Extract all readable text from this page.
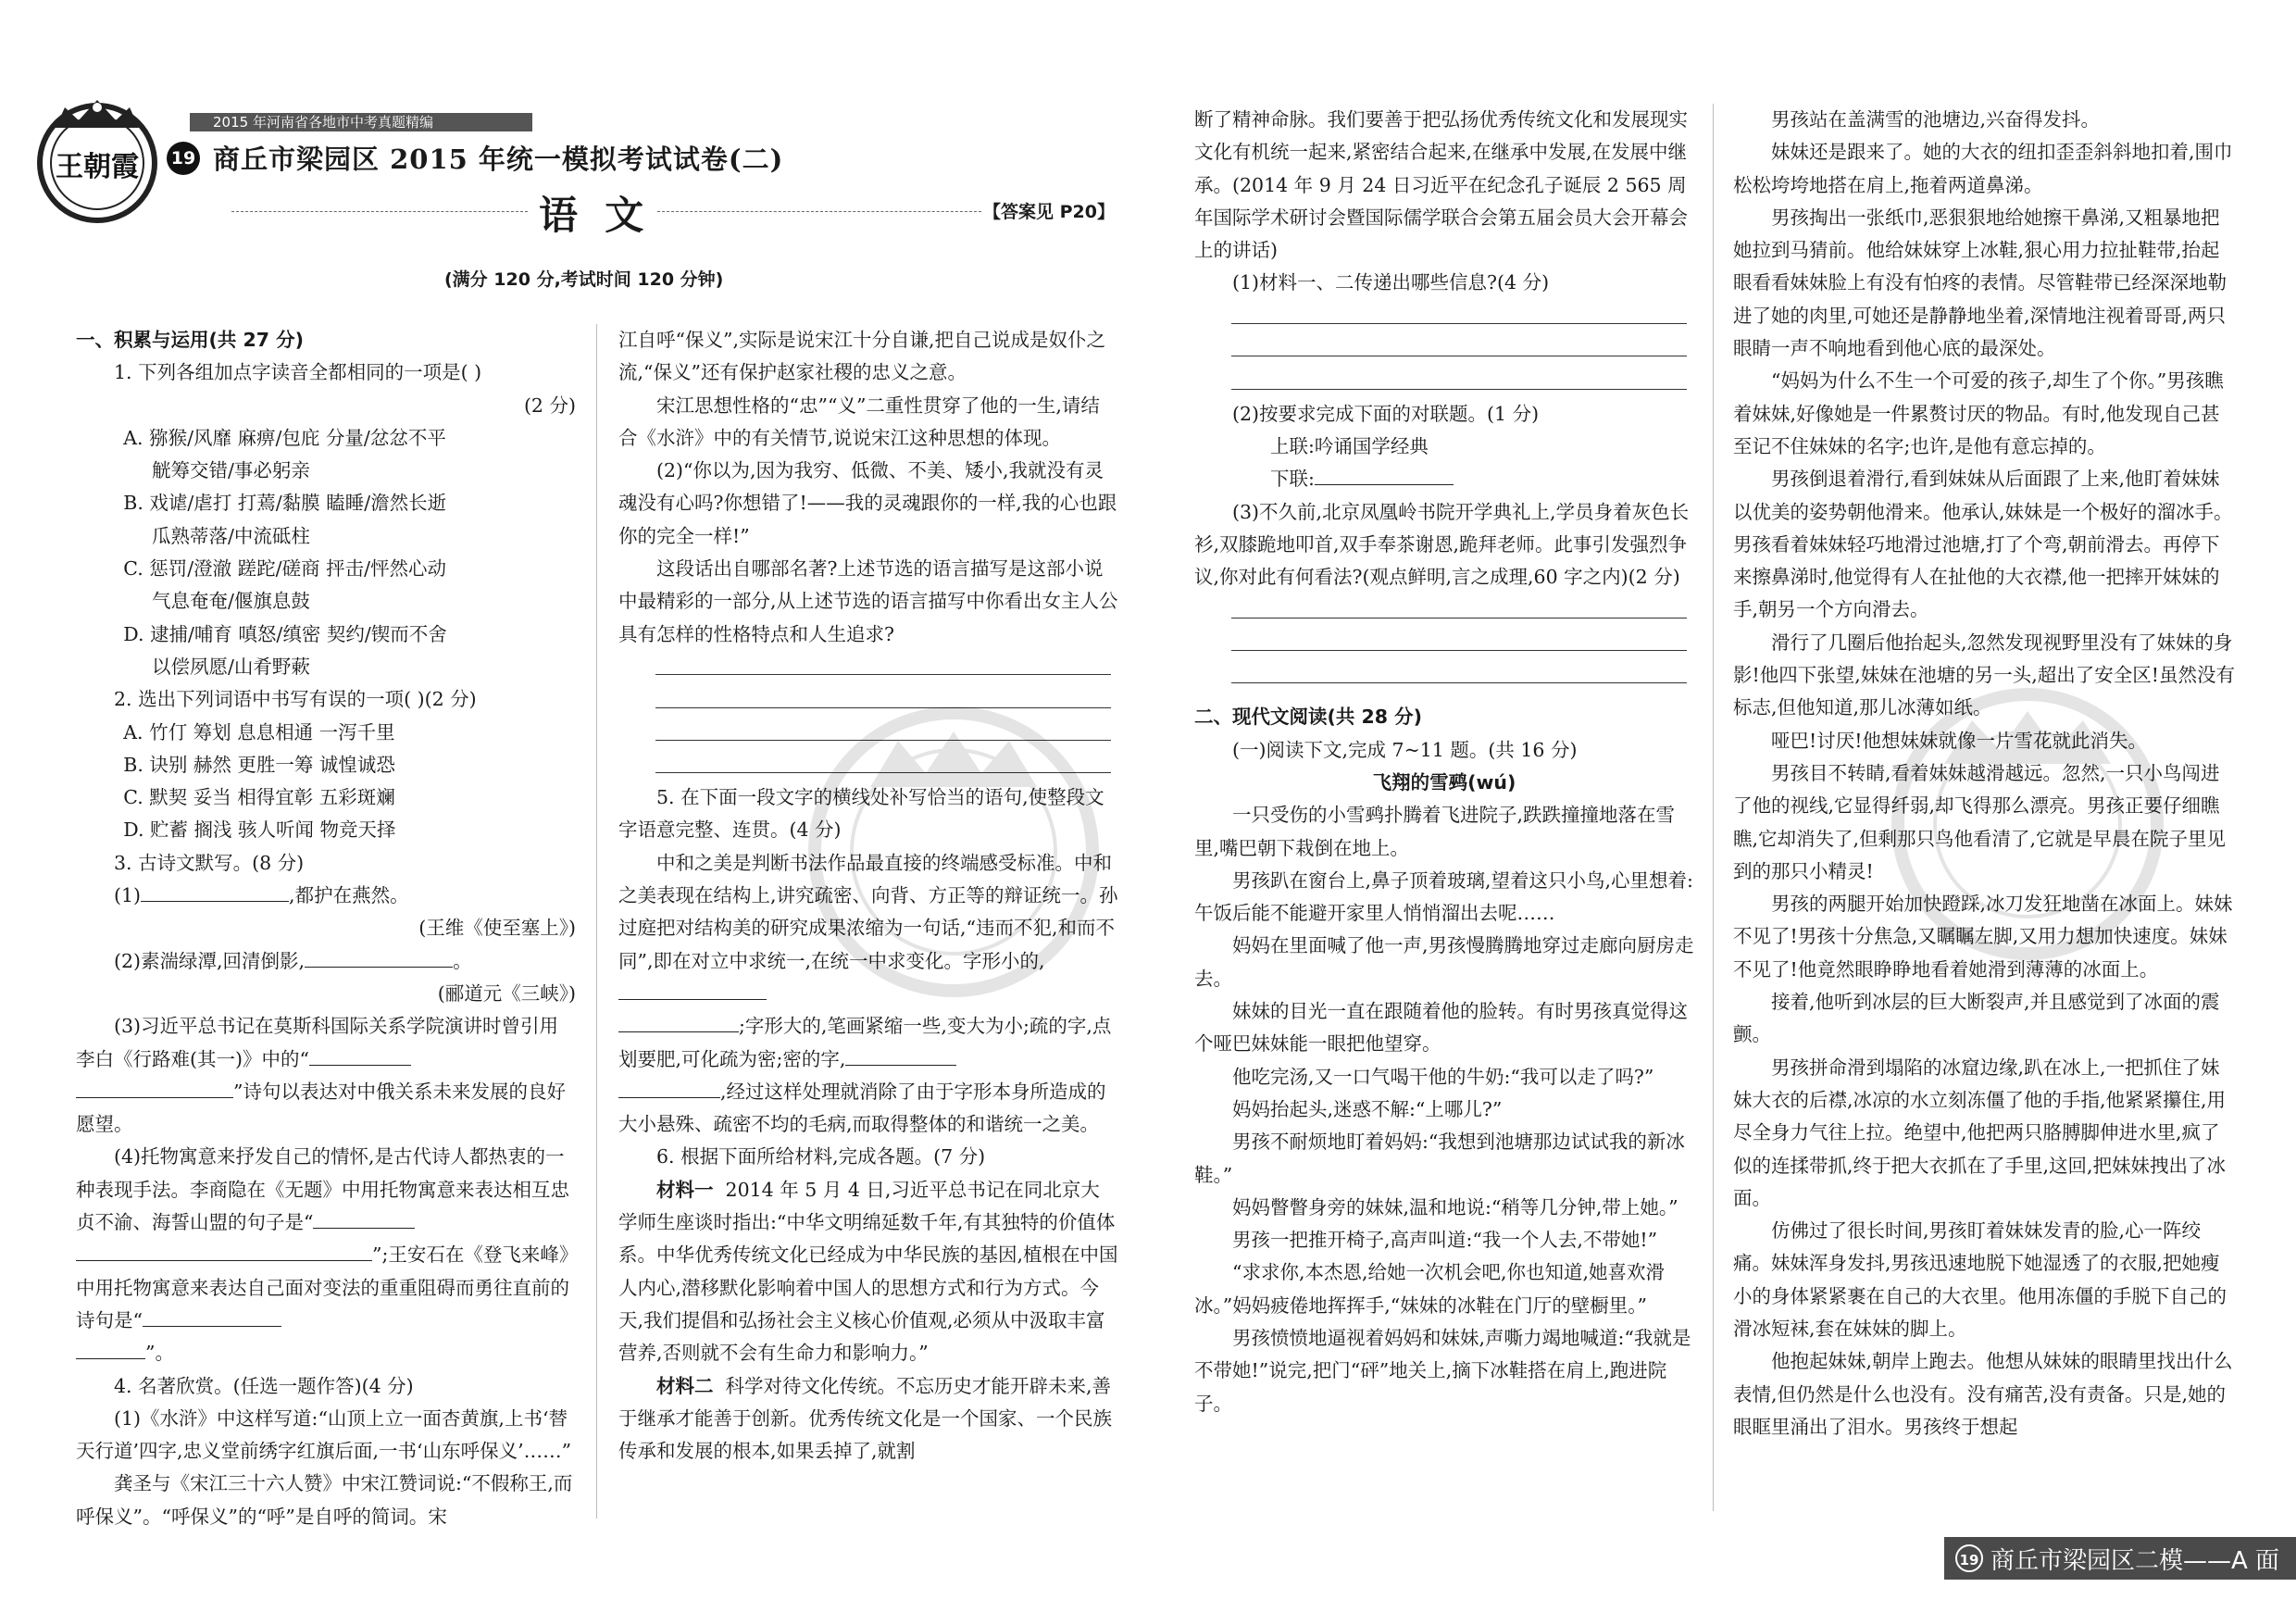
王朝霞
2015 年河南省各地市中考真题精编
19 商丘市梁园区 2015 年统一模拟考试试卷(二)
语  文	【答案见 P20】
(满分 120 分,考试时间 120 分钟)

一、积累与运用(共 27 分)

1. 下列各组加点字读音全都相同的一项是( )

(2 分)

A. 猕猴/风靡 麻痹/包庇 分量/忿忿不平

觥筹交错/事必躬亲

B. 戏谑/虐打 打蔫/黏膜 瞌睡/澹然长逝

瓜熟蒂落/中流砥柱

C. 惩罚/澄澈 蹉跎/磋商 抨击/怦然心动

气息奄奄/偃旗息鼓

D. 逮捕/哺育 嗔怒/缜密 契约/锲而不舍

以偿夙愿/山肴野蔌

2. 选出下列词语中书写有误的一项( )(2 分)

A. 竹仃 筹划 息息相通 一泻千里

B. 诀别 赫然 更胜一筹 诚惶诚恐

C. 默契 妥当 相得宜彰 五彩斑斓

D. 贮蓄 搁浅 骇人听闻 物竞天择

3. 古诗文默写。(8 分)

(1)	,都护在燕然。

(王维《使至塞上》)

(2)素湍绿潭,回清倒影,	。

(郦道元《三峡》)

(3)习近平总书记在莫斯科国际关系学院演讲时曾引用李白《行路难(其一)》中的“
”诗句以表达对中俄关系未来发展的良好愿望。

(4)托物寓意来抒发自己的情怀,是古代诗人都热衷的一种表现手法。李商隐在《无题》中用托物寓意来表达相互忠贞不渝、海誓山盟的句子是“
”;王安石在《登飞来峰》中用托物寓意来表达自己面对变法的重重阻碍而勇往直前的诗句是“
”。

4. 名著欣赏。(任选一题作答)(4 分)

(1)《水浒》中这样写道:“山顶上立一面杏黄旗,上书‘替天行道’四字,忠义堂前绣字红旗后面,一书‘山东呼保义’……”

龚圣与《宋江三十六人赞》中宋江赞词说:“不假称王,而呼保义”。“呼保义”的“呼”是自呼的简词。宋

江自呼“保义”,实际是说宋江十分自谦,把自己说成是奴仆之流,“保义”还有保护赵家社稷的忠义之意。

宋江思想性格的“忠”“义”二重性贯穿了他的一生,请结合《水浒》中的有关情节,说说宋江这种思想的体现。

(2)“你以为,因为我穷、低微、不美、矮小,我就没有灵魂没有心吗?你想错了!——我的灵魂跟你的一样,我的心也跟你的完全一样!”

这段话出自哪部名著?上述节选的语言描写是这部小说中最精彩的一部分,从上述节选的语言描写中你看出女主人公具有怎样的性格特点和人生追求?

5. 在下面一段文字的横线处补写恰当的语句,使整段文字语意完整、连贯。(4 分)

中和之美是判断书法作品最直接的终端感受标准。中和之美表现在结构上,讲究疏密、向背、方正等的辩证统一。孙过庭把对结构美的研究成果浓缩为一句话,“违而不犯,和而不同”,即在对立中求统一,在统一中求变化。字形小的,
;字形大的,笔画紧缩一些,变大为小;疏的字,点划要肥,可化疏为密;密的字,
,经过这样处理就消除了由于字形本身所造成的大小悬殊、疏密不均的毛病,而取得整体的和谐统一之美。

6. 根据下面所给材料,完成各题。(7 分)

材料一 2014 年 5 月 4 日,习近平总书记在同北京大学师生座谈时指出:“中华文明绵延数千年,有其独特的价值体系。中华优秀传统文化已经成为中华民族的基因,植根在中国人内心,潜移默化影响着中国人的思想方式和行为方式。今天,我们提倡和弘扬社会主义核心价值观,必须从中汲取丰富营养,否则就不会有生命力和影响力。”

材料二 科学对待文化传统。不忘历史才能开辟未来,善于继承才能善于创新。优秀传统文化是一个国家、一个民族传承和发展的根本,如果丢掉了,就割

断了精神命脉。我们要善于把弘扬优秀传统文化和发展现实文化有机统一起来,紧密结合起来,在继承中发展,在发展中继承。(2014 年 9 月 24 日习近平在纪念孔子诞辰 2 565 周年国际学术研讨会暨国际儒学联合会第五届会员大会开幕会上的讲话)

(1)材料一、二传递出哪些信息?(4 分)

(2)按要求完成下面的对联题。(1 分)

上联:吟诵国学经典

下联:

(3)不久前,北京凤凰岭书院开学典礼上,学员身着灰色长衫,双膝跪地叩首,双手奉茶谢恩,跪拜老师。此事引发强烈争议,你对此有何看法?(观点鲜明,言之成理,60 字之内)(2 分)

二、现代文阅读(共 28 分)

(一)阅读下文,完成 7~11 题。(共 16 分)

飞翔的雪鹀(wú)

一只受伤的小雪鹀扑腾着飞进院子,跌跌撞撞地落在雪里,嘴巴朝下栽倒在地上。

男孩趴在窗台上,鼻子顶着玻璃,望着这只小鸟,心里想着:午饭后能不能避开家里人悄悄溜出去呢……

妈妈在里面喊了他一声,男孩慢腾腾地穿过走廊向厨房走去。

妹妹的目光一直在跟随着他的脸转。有时男孩真觉得这个哑巴妹妹能一眼把他望穿。

他吃完汤,又一口气喝干他的牛奶:“我可以走了吗?”

妈妈抬起头,迷惑不解:“上哪儿?”

男孩不耐烦地盯着妈妈:“我想到池塘那边试试我的新冰鞋。”

妈妈瞥瞥身旁的妹妹,温和地说:“稍等几分钟,带上她。”

男孩一把推开椅子,高声叫道:“我一个人去,不带她!”

“求求你,本杰恩,给她一次机会吧,你也知道,她喜欢滑冰。”妈妈疲倦地挥挥手,“妹妹的冰鞋在门厅的壁橱里。”

男孩愤愤地逼视着妈妈和妹妹,声嘶力竭地喊道:“我就是不带她!”说完,把门“砰”地关上,摘下冰鞋搭在肩上,跑进院子。

男孩站在盖满雪的池塘边,兴奋得发抖。

妹妹还是跟来了。她的大衣的纽扣歪歪斜斜地扣着,围巾松松垮垮地搭在肩上,拖着两道鼻涕。

男孩掏出一张纸巾,恶狠狠地给她擦干鼻涕,又粗暴地把她拉到马猜前。他给妹妹穿上冰鞋,狠心用力拉扯鞋带,抬起眼看看妹妹脸上有没有怕疼的表情。尽管鞋带已经深深地勒进了她的肉里,可她还是静静地坐着,深情地注视着哥哥,两只眼睛一声不响地看到他心底的最深处。

“妈妈为什么不生一个可爱的孩子,却生了个你。”男孩瞧着妹妹,好像她是一件累赘讨厌的物品。有时,他发现自己甚至记不住妹妹的名字;也许,是他有意忘掉的。

男孩倒退着滑行,看到妹妹从后面跟了上来,他盯着妹妹以优美的姿势朝他滑来。他承认,妹妹是一个极好的溜冰手。男孩看着妹妹轻巧地滑过池塘,打了个弯,朝前滑去。再停下来擦鼻涕时,他觉得有人在扯他的大衣襟,他一把摔开妹妹的手,朝另一个方向滑去。

滑行了几圈后他抬起头,忽然发现视野里没有了妹妹的身影!他四下张望,妹妹在池塘的另一头,超出了安全区!虽然没有标志,但他知道,那儿冰薄如纸。

哑巴!讨厌!他想妹妹就像一片雪花就此消失。

男孩目不转睛,看着妹妹越滑越远。忽然,一只小鸟闯进了他的视线,它显得纤弱,却飞得那么漂亮。男孩正要仔细瞧瞧,它却消失了,但剩那只鸟他看清了,它就是早晨在院子里见到的那只小精灵!

男孩的两腿开始加快蹬踩,冰刀发狂地凿在冰面上。妹妹不见了!男孩十分焦急,又瞩瞩左脚,又用力想加快速度。妹妹不见了!他竟然眼睁睁地看着她滑到薄薄的冰面上。

接着,他听到冰层的巨大断裂声,并且感觉到了冰面的震颤。

男孩拼命滑到塌陷的冰窟边缘,趴在冰上,一把抓住了妹妹大衣的后襟,冰凉的水立刻冻僵了他的手指,他紧紧攥住,用尽全身力气往上拉。绝望中,他把两只胳膊脚伸进水里,疯了似的连揉带抓,终于把大衣抓在了手里,这回,把妹妹拽出了冰面。

仿佛过了很长时间,男孩盯着妹妹发青的脸,心一阵绞痛。妹妹浑身发抖,男孩迅速地脱下她湿透了的衣服,把她瘦小的身体紧紧裹在自己的大衣里。他用冻僵的手脱下自己的滑冰短袜,套在妹妹的脚上。

他抱起妹妹,朝岸上跑去。他想从妹妹的眼睛里找出什么表情,但仍然是什么也没有。没有痛苦,没有责备。只是,她的眼眶里涌出了泪水。男孩终于想起

19 商丘市梁园区二模——A 面
